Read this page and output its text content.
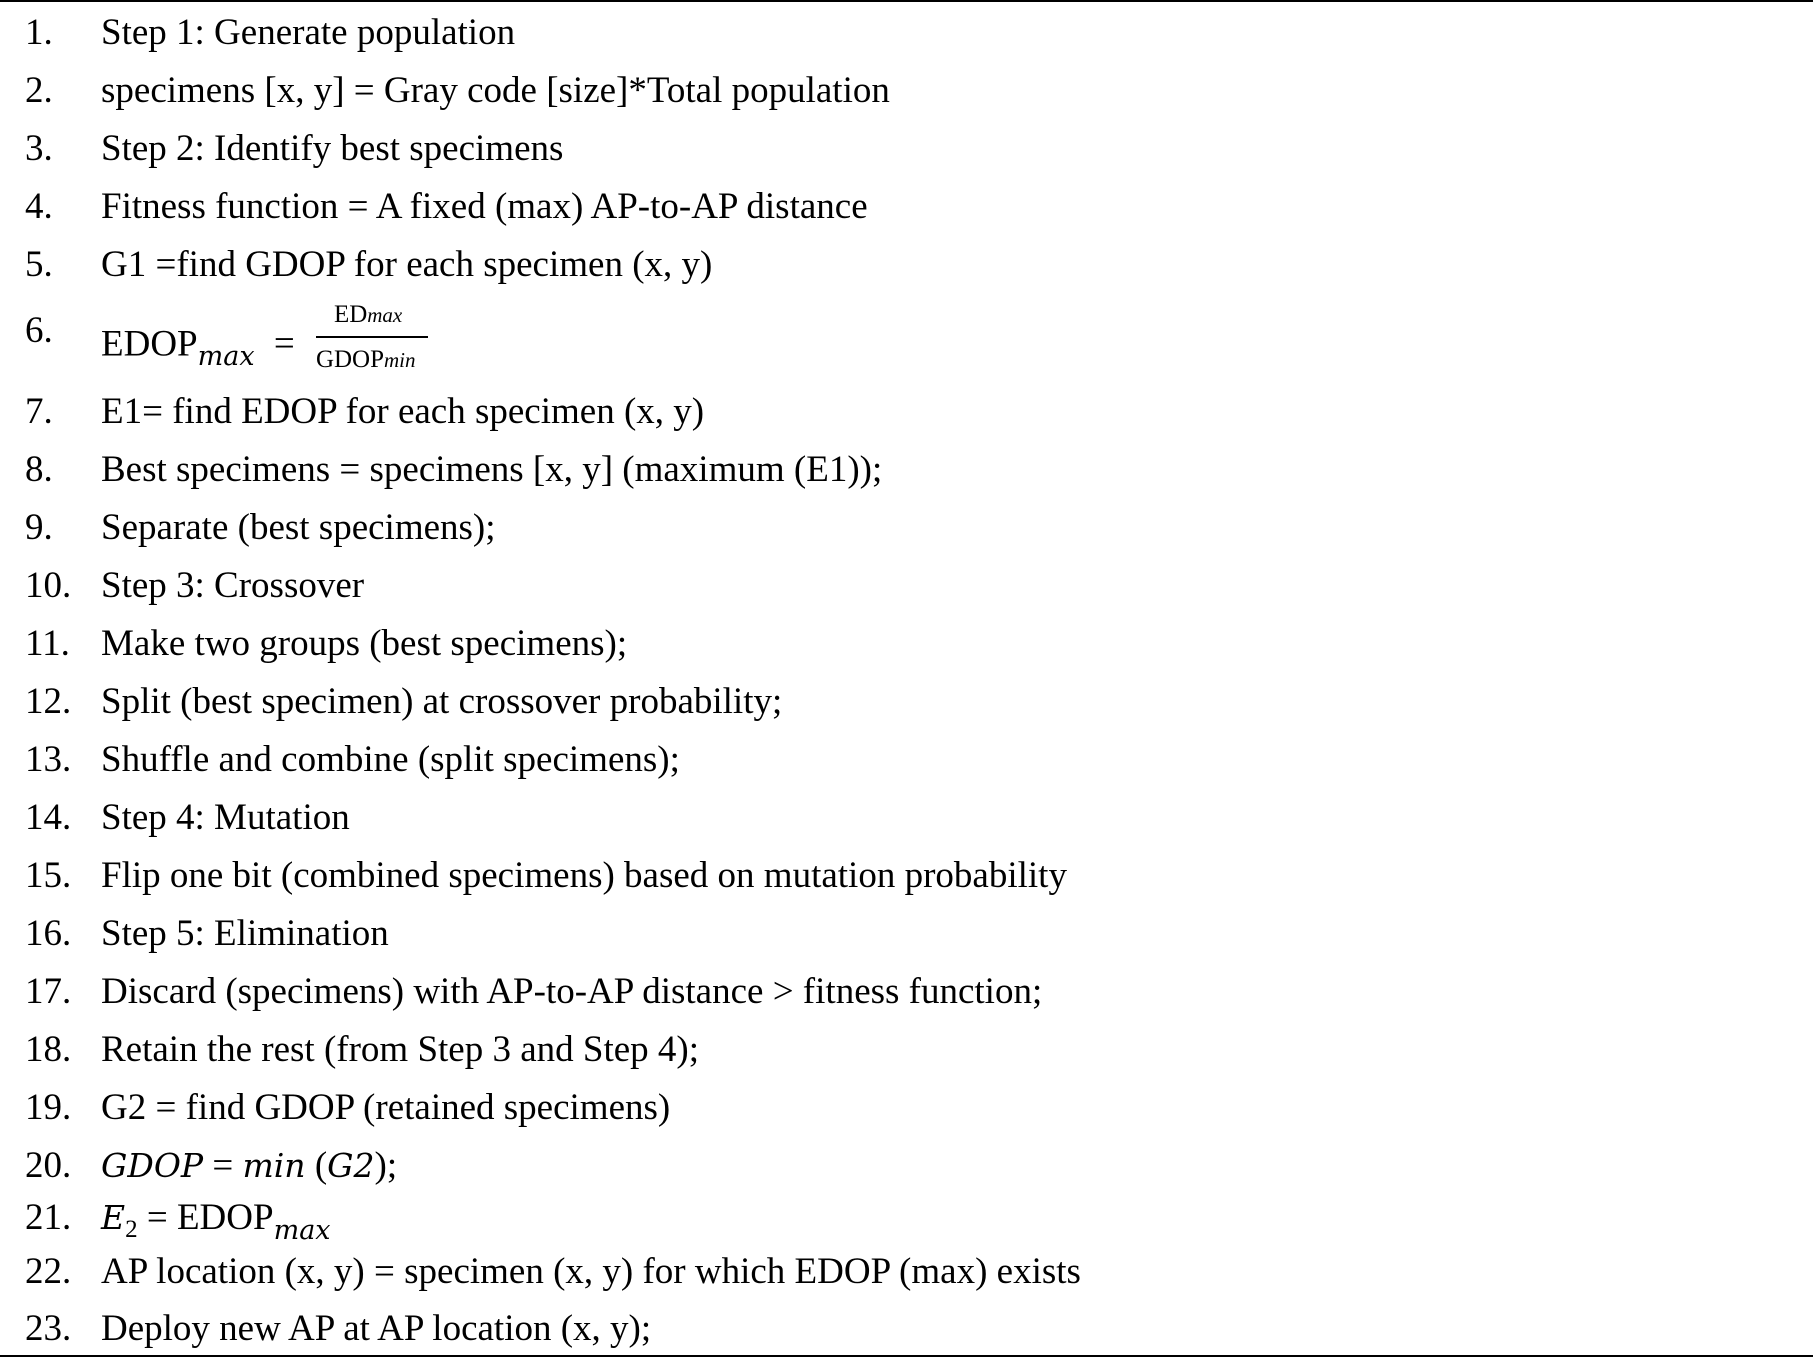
1. Step 1: Generate population
2. specimens [x, y] = Gray code [size]*Total population
3. Step 2: Identify best specimens
4. Fitness function = A fixed (max) AP-to-AP distance
5. G1 =find GDOP for each specimen (x, y)
6. $EDOP_{max} = \frac{EDmax}{\text{GDOPmin}}$
7. E1= find EDOP for each specimen (x, y)
8. Best specimens = specimens [x, y] (maximum (E1));
9. Separate (best specimens);
10. Step 3: Crossover
11. Make two groups (best specimens);
12. Split (best specimen) at crossover probability;
13. Shuffle and combine (split specimens);
14. Step 4: Mutation
15. Flip one bit (combined specimens) based on mutation probability
16. Step 5: Elimination
17. Discard (specimens) with AP-to-AP distance > fitness function;
18. Retain the rest (from Step 3 and Step 4);
19. G2 = find GDOP (retained specimens)
20. GDOP = min (G2);
21. $E_2$ = $EDOP_{max}$
22. AP location (x, y) = specimen (x, y) for which EDOP (max) exists
23. Deploy new AP at AP location (x, y);
